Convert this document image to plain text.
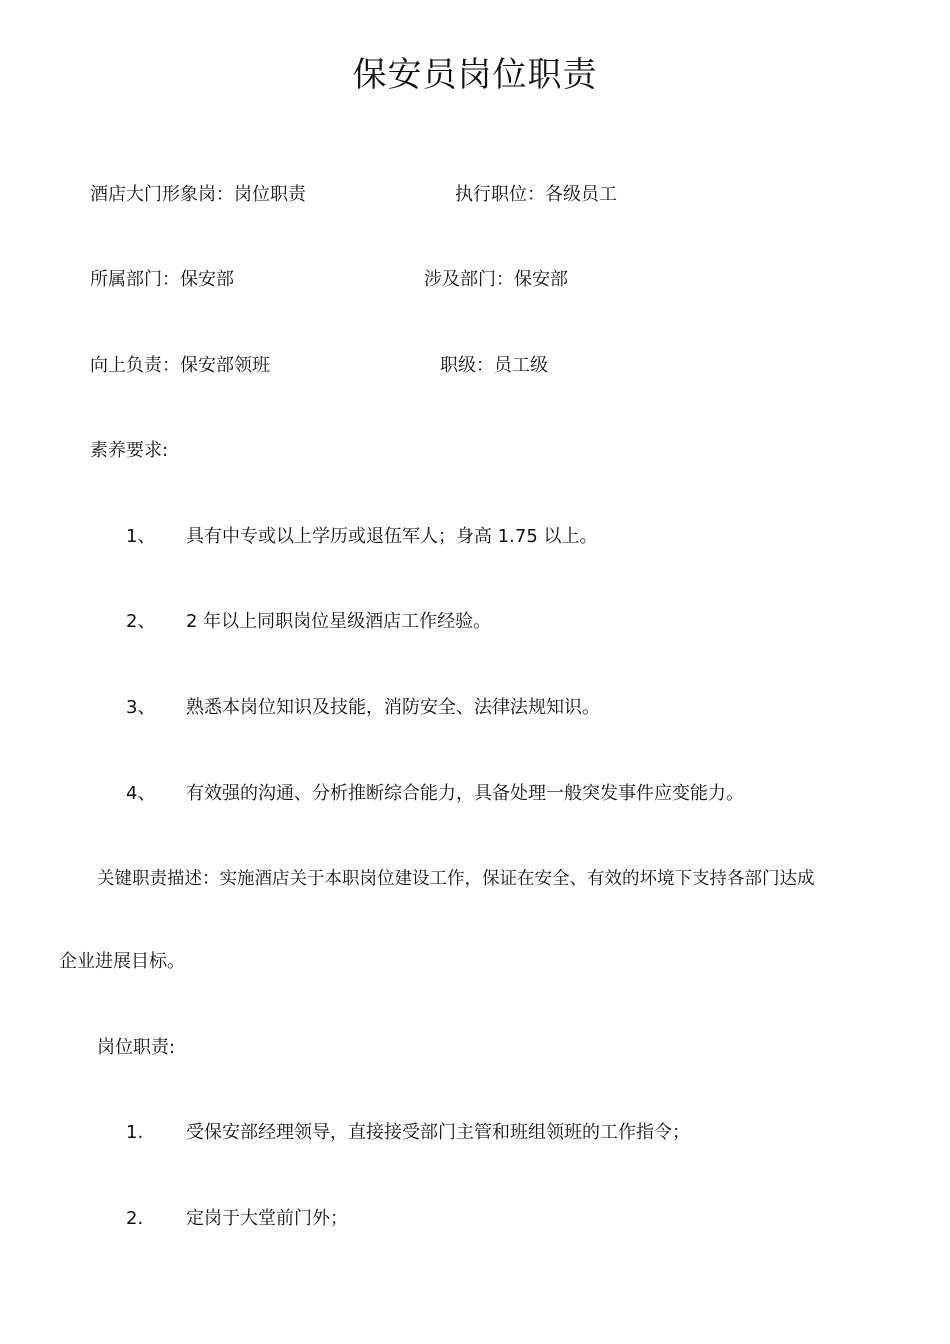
保安员岗位职责
酒店大门形象岗：岗位职责	执行职位：各级员工
所属部门：保安部	涉及部门：保安部
向上负责：保安部领班	职级：员工级
素养要求:
1、 具有中专或以上学历或退伍军人；身高 1.75 以上。
2、 2 年以上同职岗位星级酒店工作经验。
3、 熟悉本岗位知识及技能，消防安全、法律法规知识。
4、 有效强的沟通、分析推断综合能力，具备处理一般突发事件应变能力。
关键职责描述：实施酒店关于本职岗位建设工作，保证在安全、有效的坏境下支持各部门达成
企业进展目标。
岗位职责:
1. 受保安部经理领导，直接接受部门主管和班组领班的工作指令；
2. 定岗于大堂前门外；
